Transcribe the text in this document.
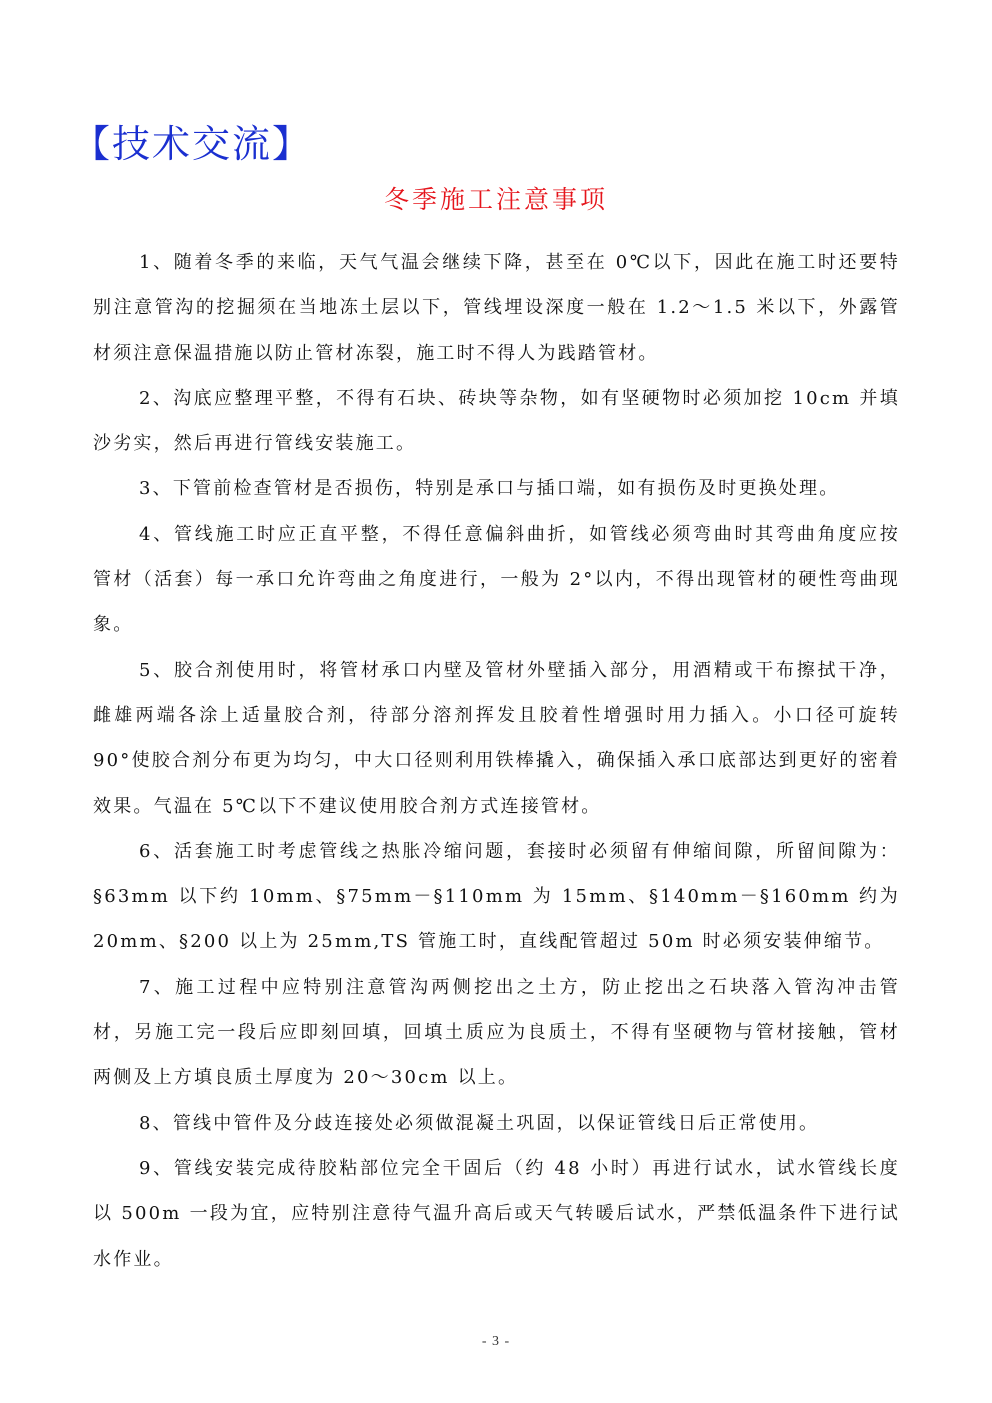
【技术交流】
冬季施工注意事项

1、随着冬季的来临，天气气温会继续下降，甚至在 0℃以下，因此在施工时还要特别注意管沟的挖掘须在当地冻土层以下，管线埋设深度一般在 1.2～1.5 米以下，外露管材须注意保温措施以防止管材冻裂，施工时不得人为践踏管材。

2、沟底应整理平整，不得有石块、砖块等杂物，如有坚硬物时必须加挖 10cm 并填沙劣实，然后再进行管线安装施工。

3、下管前检查管材是否损伤，特别是承口与插口端，如有损伤及时更换处理。

4、管线施工时应正直平整，不得任意偏斜曲折，如管线必须弯曲时其弯曲角度应按管材（活套）每一承口允许弯曲之角度进行，一般为 2°以内，不得出现管材的硬性弯曲现象。

5、胶合剂使用时，将管材承口内壁及管材外壁插入部分，用酒精或干布擦拭干净，雌雄两端各涂上适量胶合剂，待部分溶剂挥发且胶着性增强时用力插入。小口径可旋转 90°使胶合剂分布更为均匀，中大口径则利用铁棒撬入，确保插入承口底部达到更好的密着效果。气温在 5℃以下不建议使用胶合剂方式连接管材。

6、活套施工时考虑管线之热胀冷缩问题，套接时必须留有伸缩间隙，所留间隙为：§63mm 以下约 10mm、§75mm－§110mm 为 15mm、§140mm－§160mm 约为 20mm、§200 以上为 25mm,TS 管施工时，直线配管超过 50m 时必须安装伸缩节。

7、施工过程中应特别注意管沟两侧挖出之土方，防止挖出之石块落入管沟冲击管材，另施工完一段后应即刻回填，回填土质应为良质土，不得有坚硬物与管材接触，管材两侧及上方填良质土厚度为 20～30cm 以上。

8、管线中管件及分歧连接处必须做混凝土巩固，以保证管线日后正常使用。

9、管线安装完成待胶粘部位完全干固后（约 48 小时）再进行试水，试水管线长度以 500m 一段为宜，应特别注意待气温升高后或天气转暖后试水，严禁低温条件下进行试水作业。

- 3 -
